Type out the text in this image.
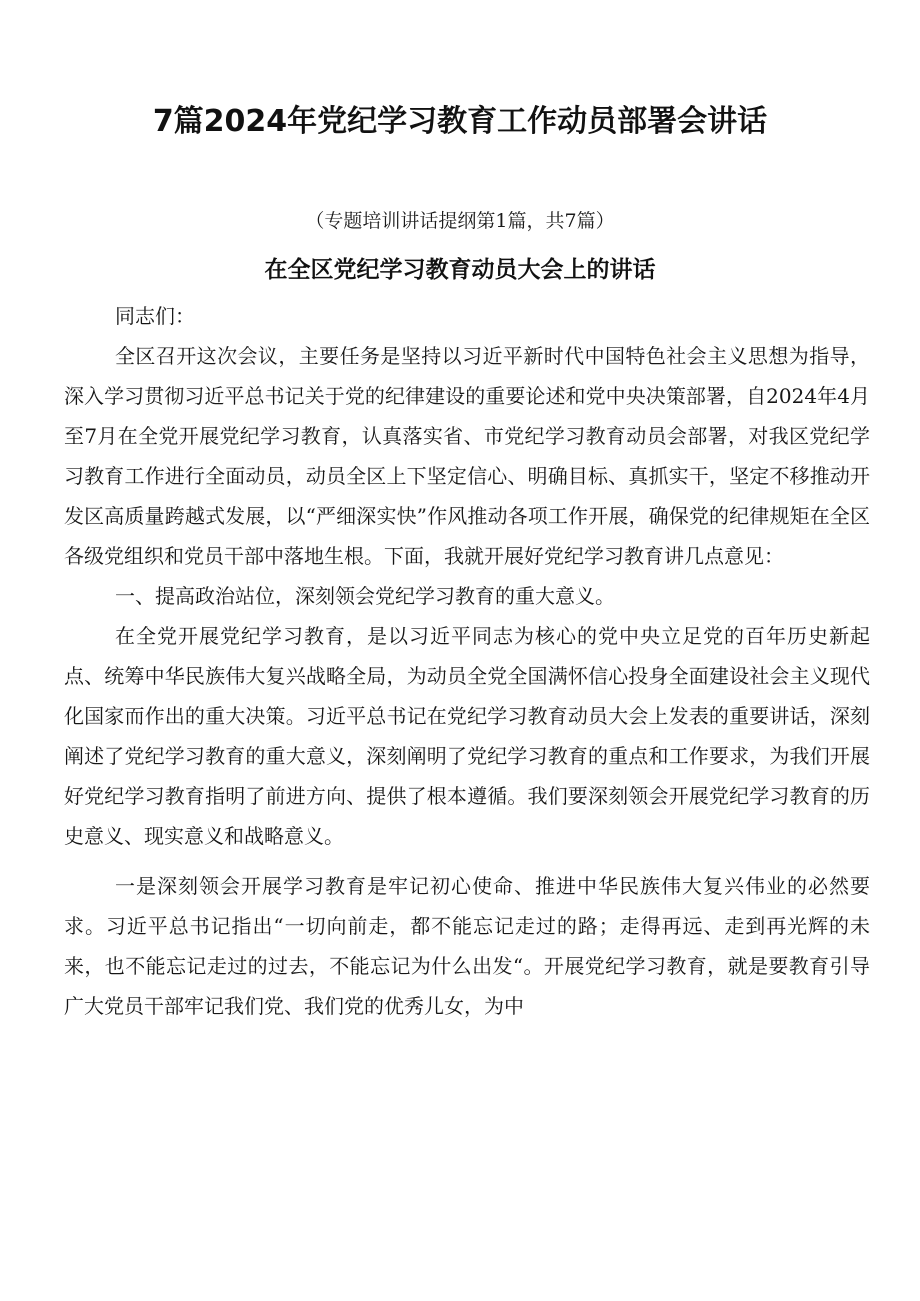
7篇2024年党纪学习教育工作动员部署会讲话
（专题培训讲话提纲第1篇，共7篇）
在全区党纪学习教育动员大会上的讲话

同志们：

全区召开这次会议，主要任务是坚持以习近平新时代中国特色社会主义思想为指导，深入学习贯彻习近平总书记关于党的纪律建设的重要论述和党中央决策部署，自2024年4月至7月在全党开展党纪学习教育，认真落实省、市党纪学习教育动员会部署，对我区党纪学习教育工作进行全面动员，动员全区上下坚定信心、明确目标、真抓实干，坚定不移推动开发区高质量跨越式发展，以“严细深实快”作风推动各项工作开展，确保党的纪律规矩在全区各级党组织和党员干部中落地生根。下面，我就开展好党纪学习教育讲几点意见：

一、提高政治站位，深刻领会党纪学习教育的重大意义。

在全党开展党纪学习教育，是以习近平同志为核心的党中央立足党的百年历史新起点、统筹中华民族伟大复兴战略全局，为动员全党全国满怀信心投身全面建设社会主义现代化国家而作出的重大决策。习近平总书记在党纪学习教育动员大会上发表的重要讲话，深刻阐述了党纪学习教育的重大意义，深刻阐明了党纪学习教育的重点和工作要求，为我们开展好党纪学习教育指明了前进方向、提供了根本遵循。我们要深刻领会开展党纪学习教育的历史意义、现实意义和战略意义。

一是深刻领会开展学习教育是牢记初心使命、推进中华民族伟大复兴伟业的必然要求。习近平总书记指出“一切向前走，都不能忘记走过的路；走得再远、走到再光辉的未来，也不能忘记走过的过去，不能忘记为什么出发“。开展党纪学习教育，就是要教育引导广大党员干部牢记我们党、我们党的优秀儿女，为中
